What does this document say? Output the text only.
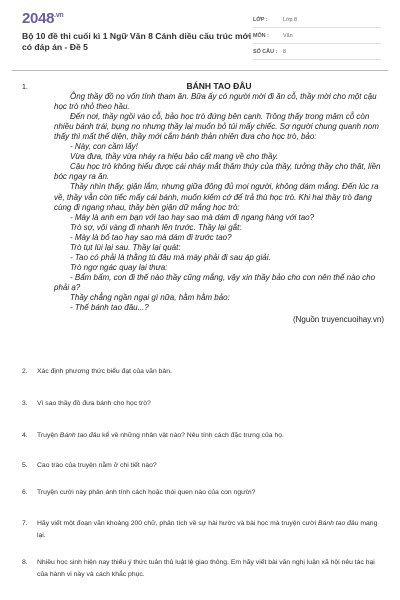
$2048^{.vn}$
Bộ 10 đề thi cuối kì 1 Ngữ Văn 8 Cánh diều cấu trúc mới có đáp án - Đề 5
LỚP :	Lớp 8
MÔN :	Văn
SỐ CÂU :	8
1.	BÁNH TAO ĐÂU

Ông thầy đồ nọ vốn tính tham ăn. Bữa ấy có người mời đi ăn cỗ, thầy mời cho một cậu học trò nhỏ theo hầu.

Đến nơi, thầy ngồi vào cỗ, bảo học trò đứng bên cạnh. Trông thấy trong mâm cỗ còn nhiều bánh trái, bụng no nhưng thầy lại muốn bỏ túi mấy chiếc. Sợ người chung quanh nom thấy thì mất thể diện, thầy mới cắm bánh thản nhiên đưa cho học trò, bảo:

- Này, con cầm lấy!

Vừa đưa, thầy vừa nháy ra hiệu bảo cất mang về cho thầy.

Cậu học trò không hiểu được cái nháy mắt thâm thúy của thầy, tưởng thầy cho thật, liền bóc ngay ra ăn.

Thầy nhìn thấy, giận lắm, nhưng giữa đông đủ mọi người, không dám mắng. Đến lúc ra về, thầy vẫn còn tiếc mấy cái bánh, muốn kiếm cớ để trả thù học trò. Khi hai thầy trò đang cùng đi ngang nhau, thầy bèn giận dữ mắng học trò:

- Mày là anh em bạn với tao hay sao mà dám đi ngang hàng với tao?

Trò sợ, vội vàng đi nhanh lên trước. Thầy lại gắt:

- Mày là bố tao hay sao mà dám đi trước tao?

Trò tụt lùi lại sau. Thầy lại quát:

- Tao có phải là thằng tù đâu mà mày phải đi sau áp giải.

Trò ngơ ngác quay lại thưa:

- Bẩm bẩm, con đi thế nào thầy cũng mắng, vậy xin thầy bảo cho con nên thế nào cho phải ạ?

Thầy chẳng ngần ngại gì nữa, hằm hằm bảo:

- Thế bánh tao đâu...?

(Nguồn truyencuoihay.vn)

2. Xác định phương thức biểu đạt của văn bản.
3. Vì sao thầy đồ đưa bánh cho học trò?
4. Truyện Bánh tao đâu kể về những nhân vật nào? Nêu tính cách đặc trưng của họ.
5. Cao trào của truyện nằm ở chi tiết nào?
6. Truyện cười này phản ánh tính cách hoặc thói quen nào của con người?
7. Hãy viết một đoạn văn khoảng 200 chữ, phân tích về sự hài hước và bài học mà truyện cười Bánh tao đâu mang lại.
8. Nhiều học sinh hiện nay thiếu ý thức tuân thủ luật lệ giao thông. Em hãy viết bài văn nghị luận xã hội nêu tác hại của hành vi này và cách khắc phục.
